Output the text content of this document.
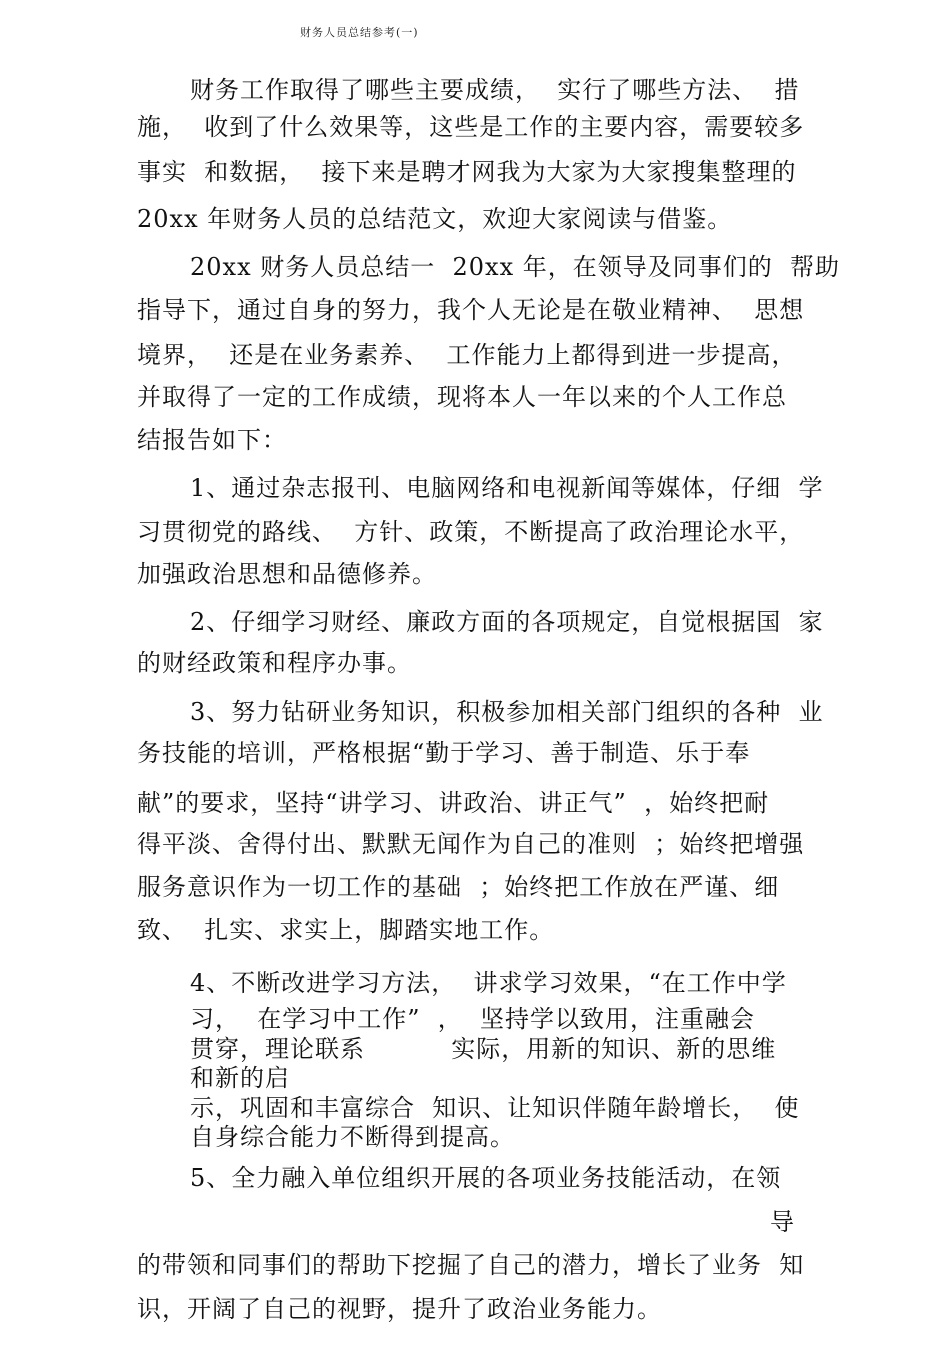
财务人员总结参考(一)
财务工作取得了哪些主要成绩，  实行了哪些方法、  措
施，  收到了什么效果等，这些是工作的主要内容，需要较多
事实  和数据，  接下来是聘才网我为大家为大家搜集整理的
20xx 年财务人员的总结范文，欢迎大家阅读与借鉴。
20xx 财务人员总结一  20xx 年，在领导及同事们的  帮助
指导下，通过自身的努力，我个人无论是在敬业精神、  思想
境界，  还是在业务素养、  工作能力上都得到进一步提高，
并取得了一定的工作成绩，现将本人一年以来的个人工作总
结报告如下：
1、通过杂志报刊、电脑网络和电视新闻等媒体，仔细  学
习贯彻党的路线、  方针、政策，不断提高了政治理论水平，
加强政治思想和品德修养。
2、仔细学习财经、廉政方面的各项规定，自觉根据国  家
的财经政策和程序办事。
3、努力钻研业务知识，积极参加相关部门组织的各种  业
务技能的培训，严格根据“勤于学习、善于制造、乐于奉
献”的要求，坚持“讲学习、讲政治、讲正气”  ，始终把耐
得平淡、舍得付出、默默无闻作为自己的准则  ；始终把增强
服务意识作为一切工作的基础  ；始终把工作放在严谨、细
致、  扎实、求实上，脚踏实地工作。
4、不断改进学习方法，  讲求学习效果，“在工作中学
习，  在学习中工作”  ，  坚持学以致用，注重融会
贯穿，理论联系          实际，用新的知识、新的思维
和新的启
示，巩固和丰富综合  知识、让知识伴随年龄增长，  使
自身综合能力不断得到提高。
5、全力融入单位组织开展的各项业务技能活动，在领
导
的带领和同事们的帮助下挖掘了自己的潜力，增长了业务  知
识，开阔了自己的视野，提升了政治业务能力。
